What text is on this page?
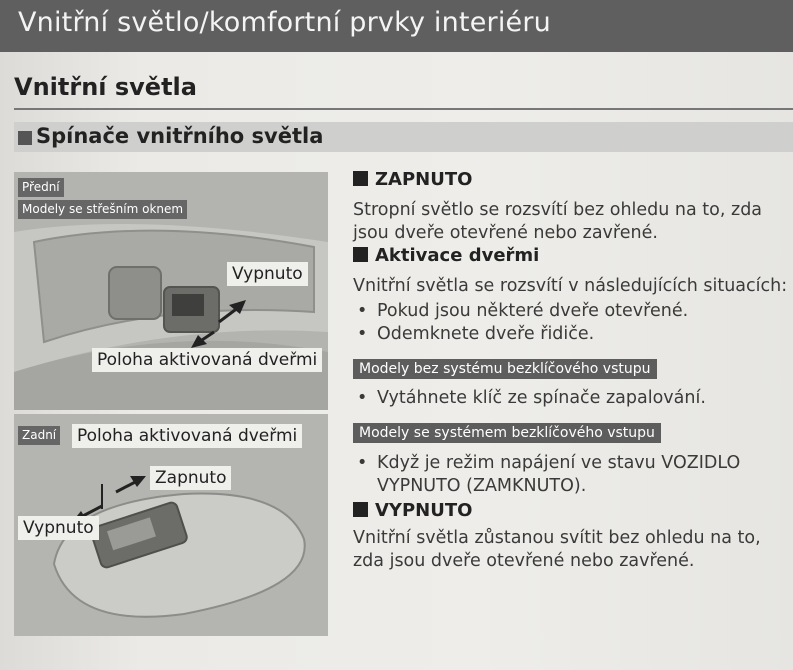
Vnitřní světlo/komfortní prvky interiéru
Vnitřní světla
Spínače vnitřního světla
Přední
Modely se střešním oknem
Vypnuto
Poloha aktivovaná dveřmi
Zadní Poloha aktivovaná dveřmi
Zapnuto
Vypnuto
ZAPNUTO
Stropní světlo se rozsvítí bez ohledu na to, zda jsou dveře otevřené nebo zavřené.
Aktivace dveřmi
Vnitřní světla se rozsvítí v následujících situacích:
• Pokud jsou některé dveře otevřené.
• Odemknete dveře řidiče.
Modely bez systému bezklíčového vstupu
• Vytáhnete klíč ze spínače zapalování.
Modely se systémem bezklíčového vstupu
• Když je režim napájení ve stavu VOZIDLO VYPNUTO (ZAMKNUTO).
VYPNUTO
Vnitřní světla zůstanou svítit bez ohledu na to, zda jsou dveře otevřené nebo zavřené.
